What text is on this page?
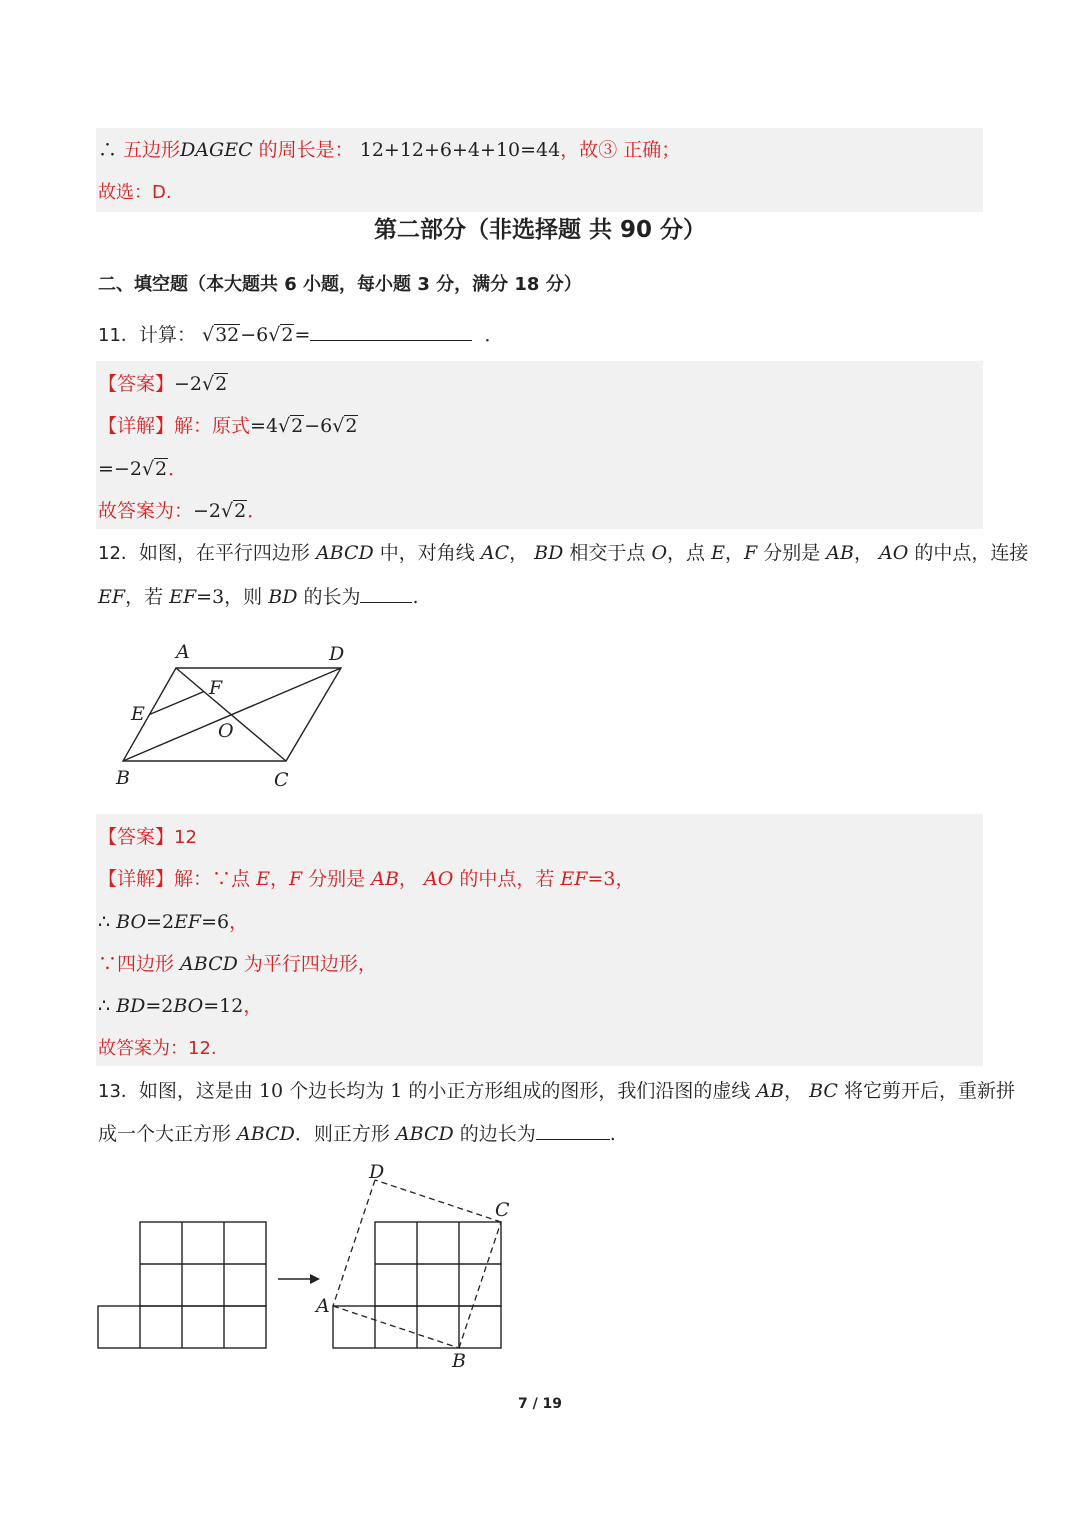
∴ 五边形DAGEC 的周长是： 12+12+6+4+10=44，故③ 正确；
故选：D.
第二部分（非选择题 共 90 分）
二、填空题（本大题共 6 小题，每小题 3 分，满分 18 分）
11．计算： √32−6√2=	．
【答案】−2√2
【详解】解：原式=4√2−6√2
=−2√2．
故答案为：−2√2．
12．如图，在平行四边形 ABCD 中，对角线 AC， BD 相交于点 O，点 E，F 分别是 AB， AO 的中点，连接
EF，若 EF=3，则 BD 的长为	.
A	D
F
E
O
B	C
【答案】12
【详解】解：∵点 E，F 分别是 AB， AO 的中点，若 EF=3，
∴ BO=2EF=6，
∵四边形 ABCD 为平行四边形，
∴ BD=2BO=12，
故答案为：12.
13．如图，这是由 10 个边长均为 1 的小正方形组成的图形，我们沿图的虚线 AB， BC 将它剪开后，重新拼
成一个大正方形 ABCD．则正方形 ABCD 的边长为	.
D
C
A
B
7 / 19
